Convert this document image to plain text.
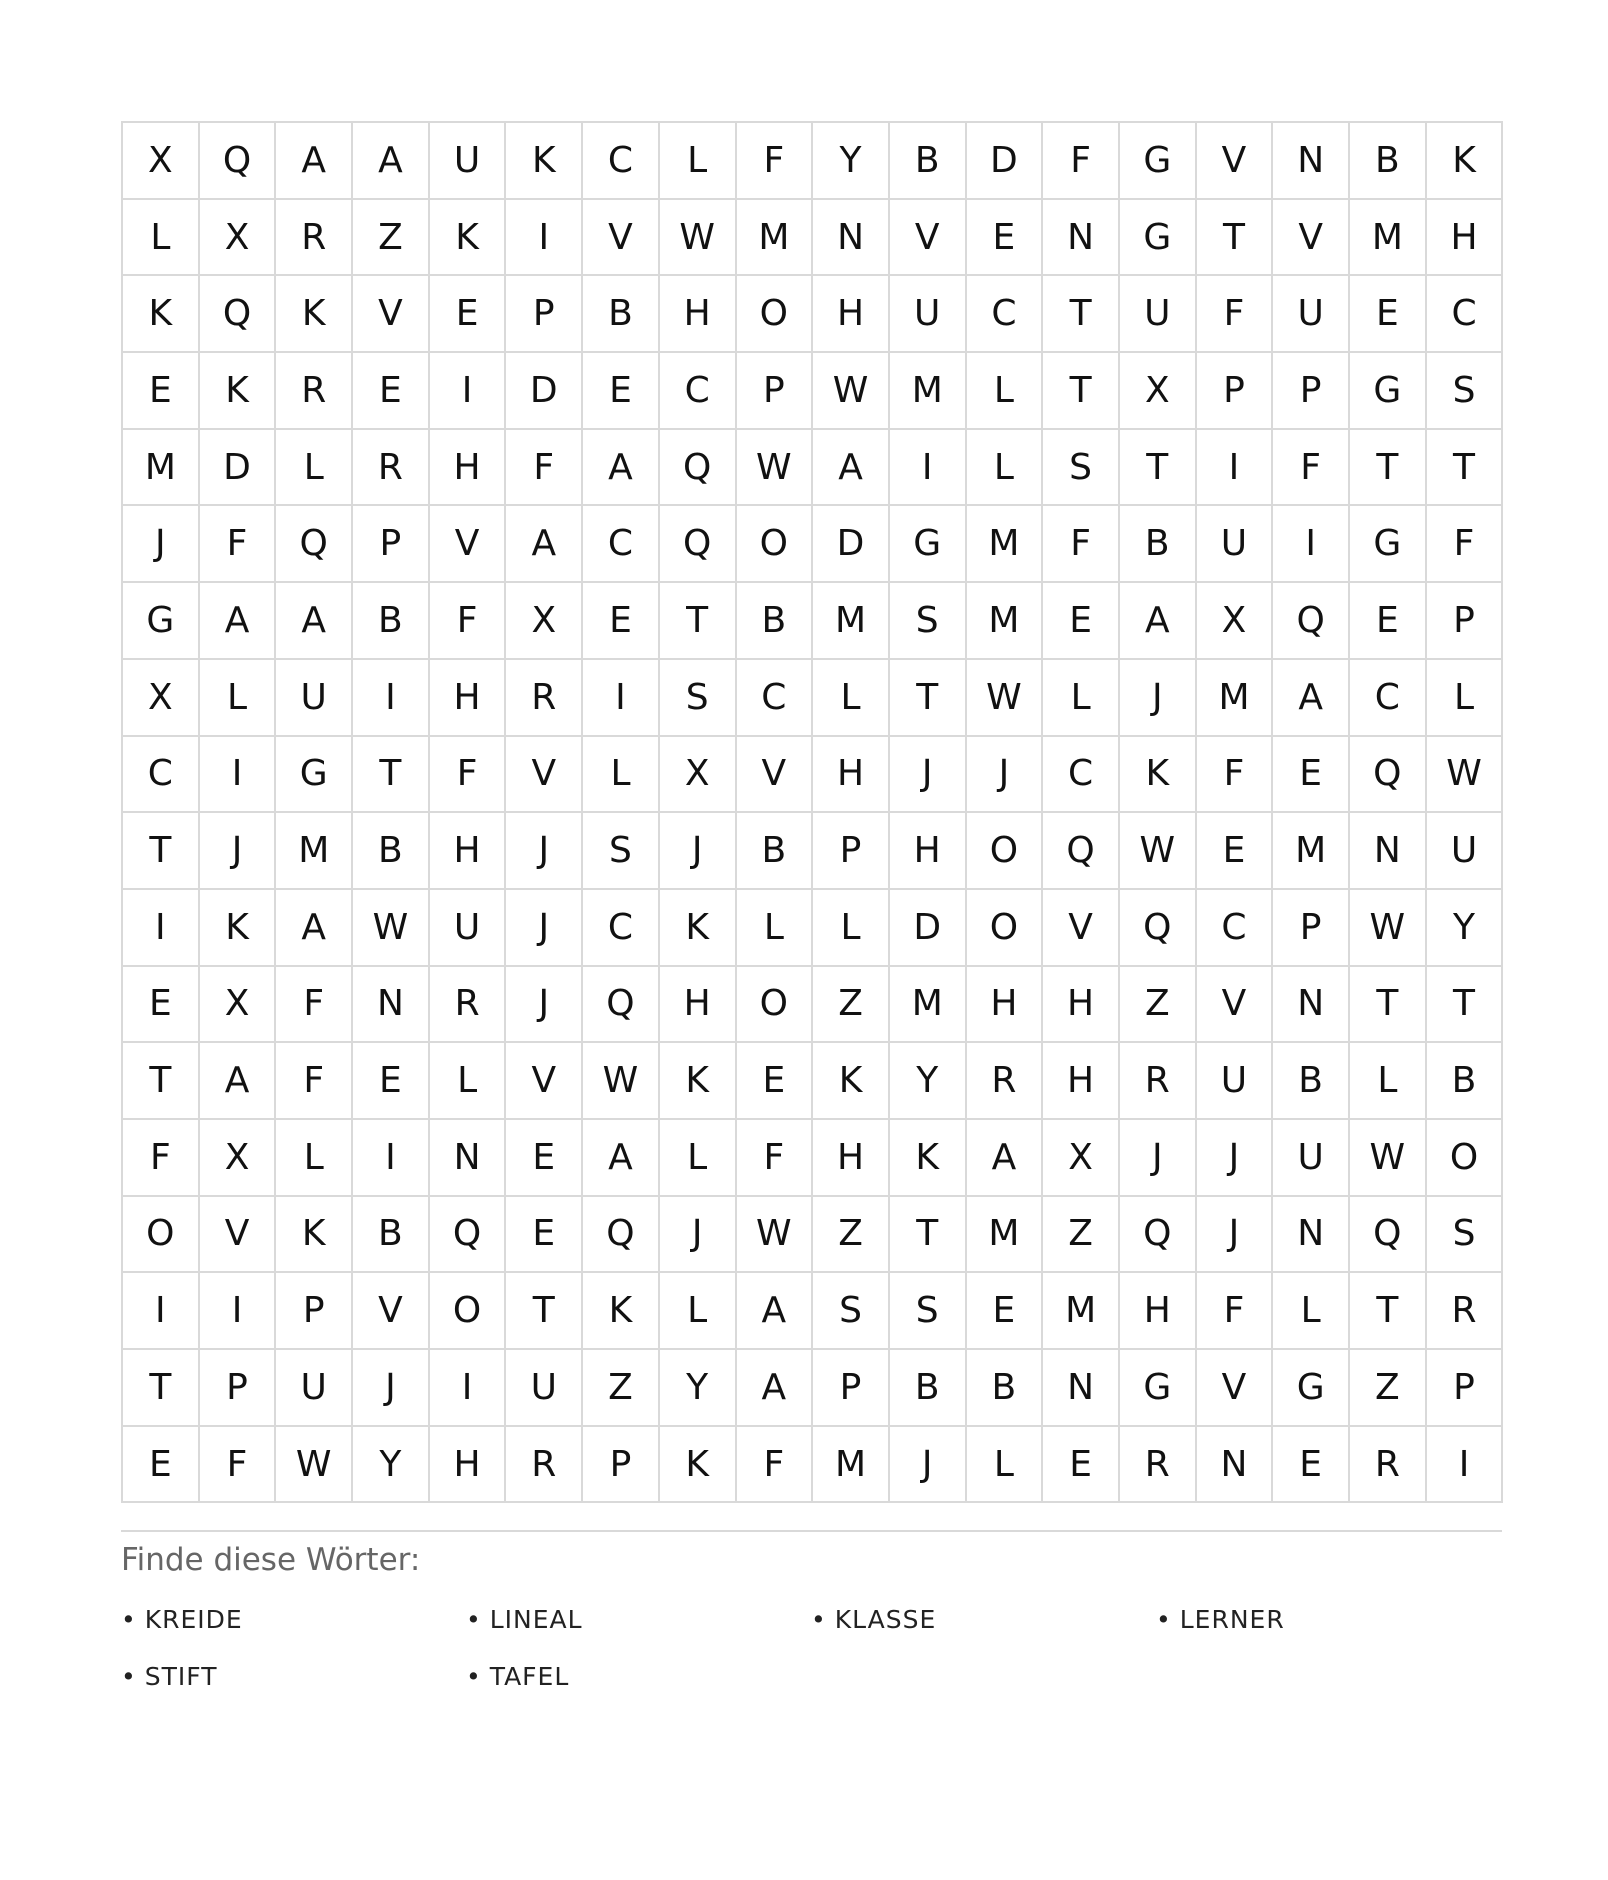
X	Q	A	A	U	K	C	L	F	Y	B	D	F	G	V	N	B	K
L	X	R	Z	K	I	V	W	M	N	V	E	N	G	T	V	M	H
K	Q	K	V	E	P	B	H	O	H	U	C	T	U	F	U	E	C
E	K	R	E	I	D	E	C	P	W	M	L	T	X	P	P	G	S
M	D	L	R	H	F	A	Q	W	A	I	L	S	T	I	F	T	T
J	F	Q	P	V	A	C	Q	O	D	G	M	F	B	U	I	G	F
G	A	A	B	F	X	E	T	B	M	S	M	E	A	X	Q	E	P
X	L	U	I	H	R	I	S	C	L	T	W	L	J	M	A	C	L
C	I	G	T	F	V	L	X	V	H	J	J	C	K	F	E	Q	W
T	J	M	B	H	J	S	J	B	P	H	O	Q	W	E	M	N	U
I	K	A	W	U	J	C	K	L	L	D	O	V	Q	C	P	W	Y
E	X	F	N	R	J	Q	H	O	Z	M	H	H	Z	V	N	T	T
T	A	F	E	L	V	W	K	E	K	Y	R	H	R	U	B	L	B
F	X	L	I	N	E	A	L	F	H	K	A	X	J	J	U	W	O
O	V	K	B	Q	E	Q	J	W	Z	T	M	Z	Q	J	N	Q	S
I	I	P	V	O	T	K	L	A	S	S	E	M	H	F	L	T	R
T	P	U	J	I	U	Z	Y	A	P	B	B	N	G	V	G	Z	P
E	F	W	Y	H	R	P	K	F	M	J	L	E	R	N	E	R	I
Finde diese Wörter:
• KREIDE	• LINEAL	• KLASSE	• LERNER
• STIFT	• TAFEL
